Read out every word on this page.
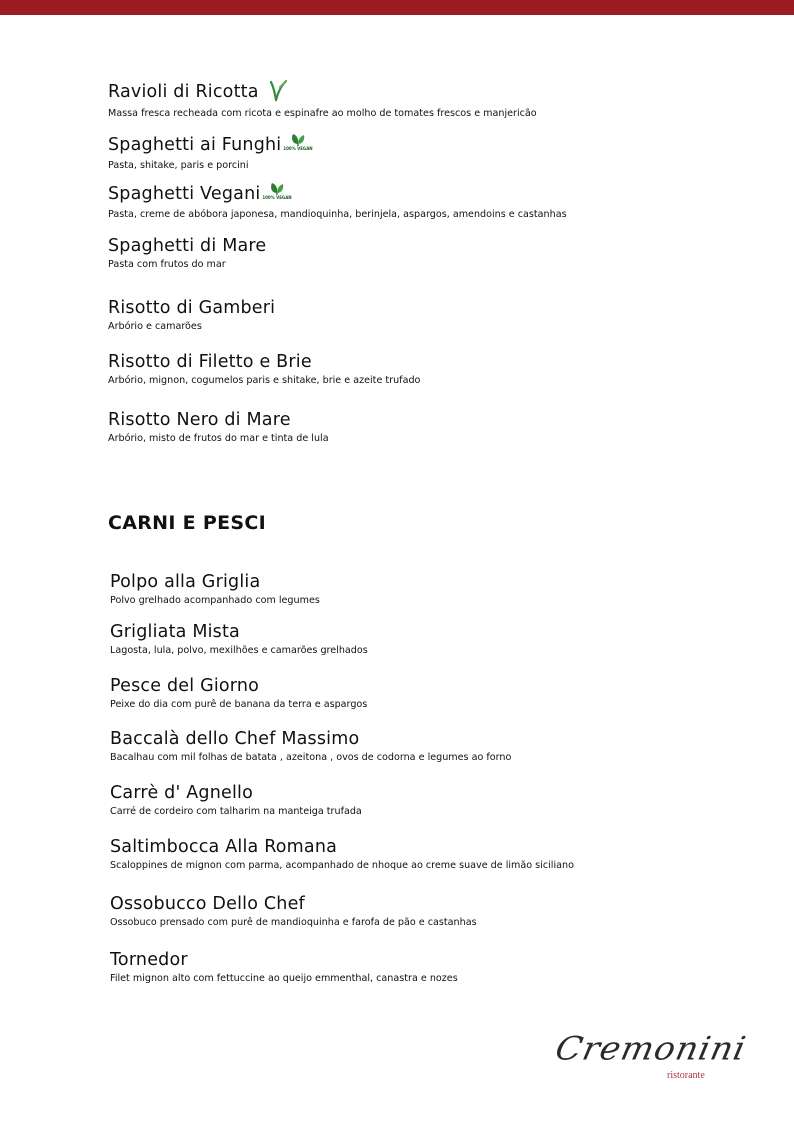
Ravioli di Ricotta
Massa fresca recheada com ricota e espinafre ao molho de tomates frescos e manjericão
Spaghetti ai Funghi 100% VEGAN
Pasta, shitake, paris e porcini
Spaghetti Vegani 100% VEGAN
Pasta, creme de abóbora japonesa, mandioquinha, berinjela, aspargos, amendoins e castanhas
Spaghetti di Mare
Pasta com frutos do mar
Risotto di Gamberi
Arbório e camarões
Risotto di Filetto e Brie
Arbório, mignon, cogumelos paris e shitake, brie e azeite trufado
Risotto Nero di Mare
Arbório, misto de frutos do mar e tinta de lula
CARNI E PESCI
Polpo alla Griglia
Polvo grelhado acompanhado com legumes
Grigliata Mista
Lagosta, lula, polvo, mexilhões e camarões grelhados
Pesce del Giorno
Peixe do dia com purê de banana da terra e aspargos
Baccalà dello Chef Massimo
Bacalhau com mil folhas de batata , azeitona , ovos de codorna e legumes ao forno
Carrè d' Agnello
Carré de cordeiro com talharim na manteiga trufada
Saltimbocca Alla Romana
Scaloppines de mignon com parma, acompanhado de nhoque ao creme suave de limão siciliano
Ossobucco Dello Chef
Ossobuco prensado com purê de mandioquinha e farofa de pão e castanhas
Tornedor
Filet mignon alto com fettuccine ao queijo emmenthal, canastra e nozes
Cremonini
ristorante
